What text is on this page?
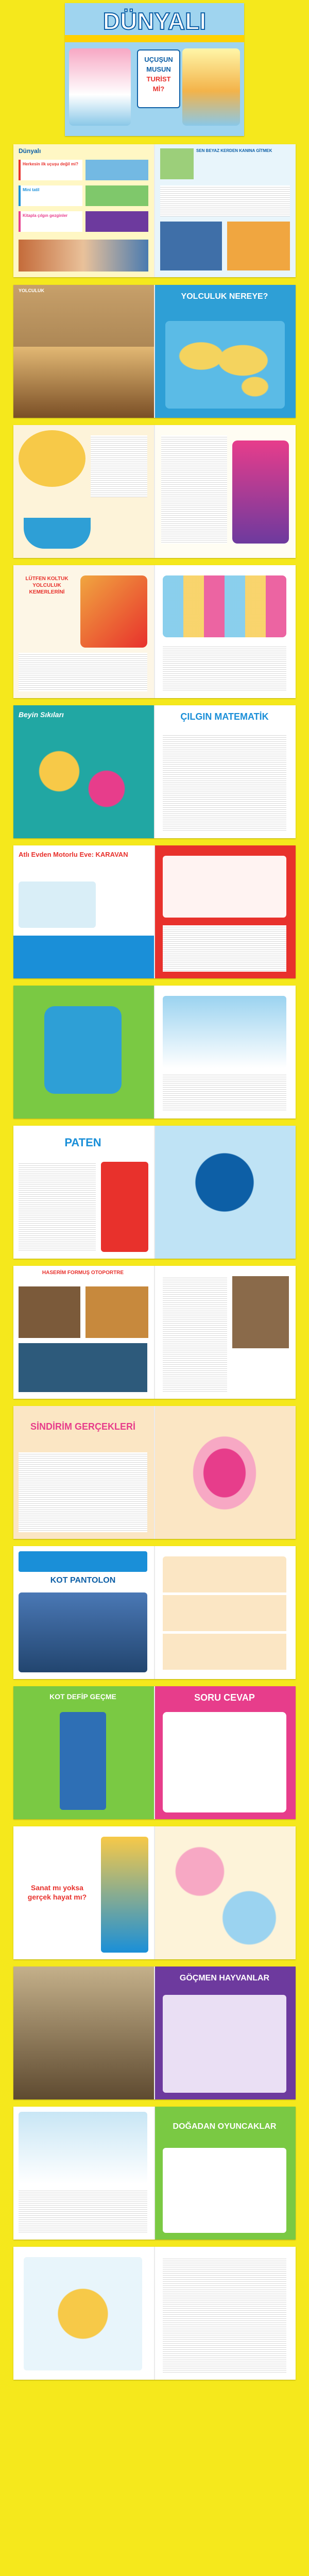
DÜNYALI
UÇUŞUN
MUSUN
TURİST
Mİ?
Dünyalı
Herkesin ilk uçuşu değil mi?
Mini tatil
Kitapla çılgın gezginler
SEN BEYAZ KERDEN KANINA GİTMEK
YOLCULUK
YOLCULUK NEREYE?
LÜTFEN KOLTUK YOLCULUK KEMERLERİNİ
Beyin Sıkıları	ÇILGIN MATEMATİK
Atlı Evden Motorlu Eve: KARAVAN
PATEN
HASERİM FORMUŞ OTOPORTRE
SİNDİRİM GERÇEKLERİ
KOT PANTOLON
KOT DEFİP GEÇME	SORU CEVAP
Sanat mı yoksa gerçek hayat mı?
GÖÇMEN HAYVANLAR
DOĞADAN OYUNCAKLAR
